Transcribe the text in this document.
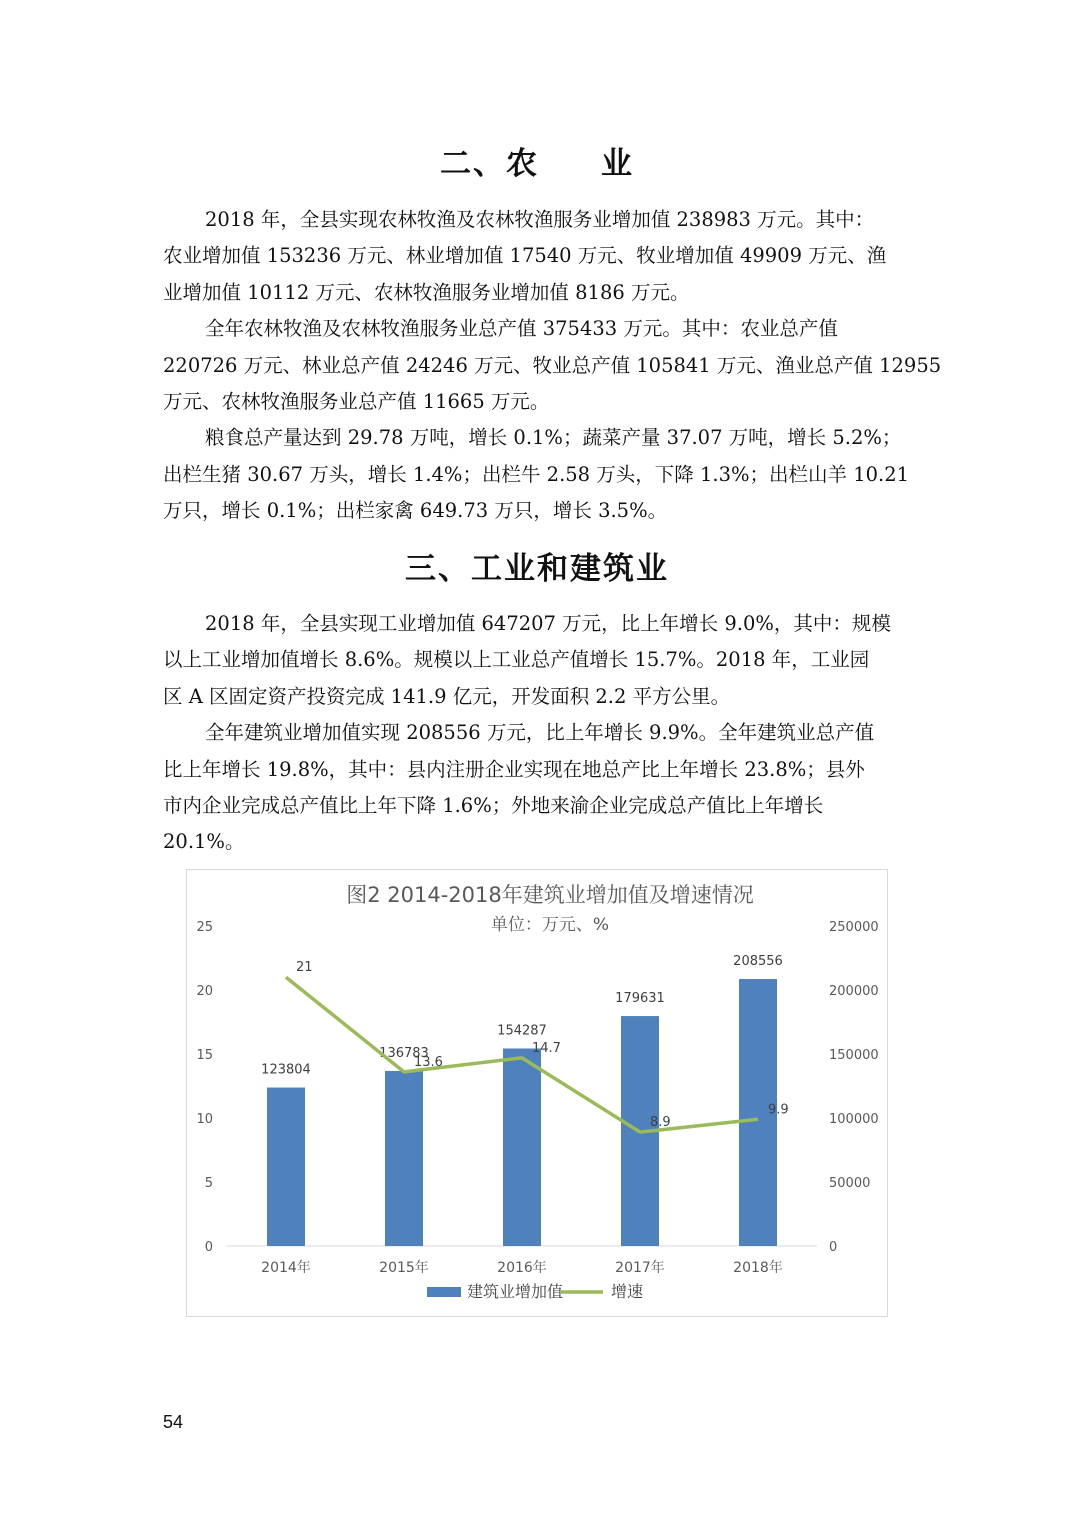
二、农 业
2018 年，全县实现农林牧渔及农林牧渔服务业增加值 238983 万元。其中：
农业增加值 153236 万元、林业增加值 17540 万元、牧业增加值 49909 万元、渔
业增加值 10112 万元、农林牧渔服务业增加值 8186 万元。
全年农林牧渔及农林牧渔服务业总产值 375433 万元。其中：农业总产值
220726 万元、林业总产值 24246 万元、牧业总产值 105841 万元、渔业总产值 12955
万元、农林牧渔服务业总产值 11665 万元。
粮食总产量达到 29.78 万吨，增长 0.1%；蔬菜产量 37.07 万吨，增长 5.2%；
出栏生猪 30.67 万头，增长 1.4%；出栏牛 2.58 万头，下降 1.3%；出栏山羊 10.21
万只，增长 0.1%；出栏家禽 649.73 万只，增长 3.5%。
三、工业和建筑业
2018 年，全县实现工业增加值 647207 万元，比上年增长 9.0%，其中：规模
以上工业增加值增长 8.6%。规模以上工业总产值增长 15.7%。2018 年，工业园
区 A 区固定资产投资完成 141.9 亿元，开发面积 2.2 平方公里。
全年建筑业增加值实现 208556 万元，比上年增长 9.9%。全年建筑业总产值
比上年增长 19.8%，其中：县内注册企业实现在地总产比上年增长 23.8%；县外
市内企业完成总产值比上年下降 1.6%；外地来渝企业完成总产值比上年增长
20.1%。
图2 2014-2018年建筑业增加值及增速情况
单位：万元、%
0
5
10
15
20
25
0
50000
100000
150000
200000
250000
123804
136783
154287
179631
208556
21
13.6
14.7
8.9
9.9
2014年	2015年	2016年	2017年	2018年
建筑业增加值	增速

54
